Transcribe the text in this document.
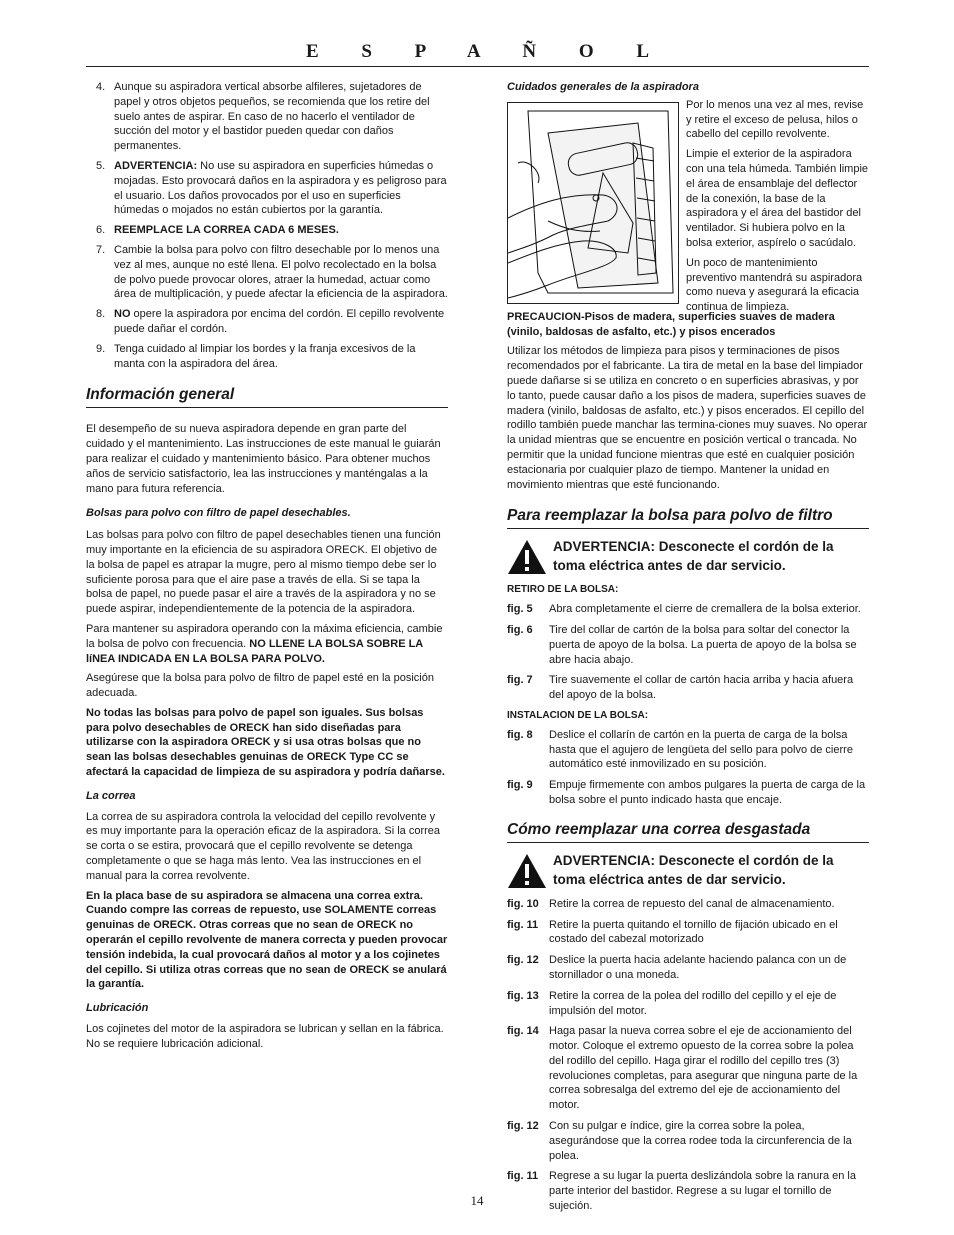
E S P A Ñ O L
4. Aunque su aspiradora vertical absorbe alfileres, sujetadores de papel y otros objetos pequeños, se recomienda que los retire del suelo antes de aspirar. En caso de no hacerlo el ventilador de succión del motor y el bastidor pueden quedar con daños permanentes.
5. ADVERTENCIA: No use su aspiradora en superficies húmedas o mojadas. Esto provocará daños en la aspiradora y es peligroso para el usuario. Los daños provocados por el uso en superficies húmedas o mojados no están cubiertos por la garantía.
6. REEMPLACE LA CORREA CADA 6 MESES.
7. Cambie la bolsa para polvo con filtro desechable por lo menos una vez al mes, aunque no esté llena. El polvo recolectado en la bolsa de polvo puede provocar olores, atraer la humedad, actuar como área de multiplicación, y puede afectar la eficiencia de la aspiradora.
8. NO opere la aspiradora por encima del cordón. El cepillo revolvente puede dañar el cordón.
9. Tenga cuidado al limpiar los bordes y la franja excesivos de la manta con la aspiradora del área.
Información general

El desempeño de su nueva aspiradora depende en gran parte del cuidado y el mantenimiento. Las instrucciones de este manual le guiarán para realizar el cuidado y mantenimiento básico. Para obtener muchos años de servicio satisfactorio, lea las instrucciones y manténgalas a la mano para futura referencia.

Bolsas para polvo con filtro de papel desechables.

Las bolsas para polvo con filtro de papel desechables tienen una función muy importante en la eficiencia de su aspiradora ORECK. El objetivo de la bolsa de papel es atrapar la mugre, pero al mismo tiempo debe ser lo suficiente porosa para que el aire pase a través de ella. Si se tapa la bolsa de papel, no puede pasar el aire a través de la aspiradora y no se puede aspirar, independientemente de la potencia de la aspiradora.

Para mantener su aspiradora operando con la máxima eficiencia, cambie la bolsa de polvo con frecuencia. NO LLENE LA BOLSA SOBRE LA líNEA INDICADA EN LA BOLSA PARA POLVO.

Asegúrese que la bolsa para polvo de filtro de papel esté en la posición adecuada.

No todas las bolsas para polvo de papel son iguales. Sus bolsas para polvo desechables de ORECK han sido diseñadas para utilizarse con la aspiradora ORECK y si usa otras bolsas que no sean las bolsas desechables genuinas de ORECK Type CC se afectará la capacidad de limpieza de su aspiradora y podría dañarse.

La correa

La correa de su aspiradora controla la velocidad del cepillo revolvente y es muy importante para la operación eficaz de la aspiradora. Si la correa se corta o se estira, provocará que el cepillo revolvente se detenga completamente o que se haga más lento. Vea las instrucciones en el manual para la correa revolvente.

En la placa base de su aspiradora se almacena una correa extra. Cuando compre las correas de repuesto, use SOLAMENTE correas genuinas de ORECK. Otras correas que no sean de ORECK no operarán el cepillo revolvente de manera correcta y pueden provocar tensión indebida, la cual provocará daños al motor y a los cojinetes del cepillo. Si utiliza otras correas que no sean de ORECK se anulará la garantía.

Lubricación

Los cojinetes del motor de la aspiradora se lubrican y sellan en la fábrica. No se requiere lubricación adicional.

Cuidados generales de la aspiradora

Por lo menos una vez al mes, revise y retire el exceso de pelusa, hilos o cabello del cepillo revolvente.

Limpie el exterior de la aspiradora con una tela húmeda. También limpie el área de ensamblaje del deflector de la conexión, la base de la aspiradora y el área del bastidor del ventilador. Si hubiera polvo en la bolsa exterior, aspírelo o sacúdalo.

Un poco de mantenimiento preventivo mantendrá su aspiradora como nueva y asegurará la eficacia continua de limpieza.

PRECAUCION-Pisos de madera, superficies suaves de madera (vinilo, baldosas de asfalto, etc.) y pisos encerados

Utilizar los métodos de limpieza para pisos y terminaciones de pisos recomendados por el fabricante. La tira de metal en la base del limpiador puede dañarse si se utiliza en concreto o en superficies abrasivas, y por lo tanto, puede causar daño a los pisos de madera, superficies suaves de madera (vinilo, baldosas de asfalto, etc.) y pisos encerados. El cepillo del rodillo también puede manchar las termina-ciones muy suaves. No operar la unidad mientras que se encuentre en posición vertical o trancada. No permitir que la unidad funcione mientras que esté en cualquier posición estacionaria por cualquier plazo de tiempo. Mantener la unidad en movimiento mientras que esté funcionando.

Para reemplazar la bolsa para polvo de filtro
ADVERTENCIA: Desconecte el cordón de la toma eléctrica antes de dar servicio.
RETIRO DE LA BOLSA:
fig. 5	Abra completamente el cierre de cremallera de la bolsa exterior.
fig. 6	Tire del collar de cartón de la bolsa para soltar del conector la puerta de apoyo de la bolsa. La puerta de apoyo de la bolsa se abre hacia abajo.
fig. 7	Tire suavemente el collar de cartón hacia arriba y hacia afuera del apoyo de la bolsa.
INSTALACION DE LA BOLSA:
fig. 8	Deslice el collarín de cartón en la puerta de carga de la bolsa hasta que el agujero de lengüeta del sello para polvo de cierre automático esté inmovilizado en su posición.
fig. 9	Empuje firmemente con ambos pulgares la puerta de carga de la bolsa sobre el punto indicado hasta que encaje.
Cómo reemplazar una correa desgastada
ADVERTENCIA: Desconecte el cordón de la toma eléctrica antes de dar servicio.
fig. 10 Retire la correa de repuesto del canal de almacenamiento.
fig. 11 Retire la puerta quitando el tornillo de fijación ubicado en el costado del cabezal motorizado
fig. 12 Deslice la puerta hacia adelante haciendo palanca con un de stornillador o una moneda.
fig. 13 Retire la correa de la polea del rodillo del cepillo y el eje de impulsión del motor.
fig. 14 Haga pasar la nueva correa sobre el eje de accionamiento del motor. Coloque el extremo opuesto de la correa sobre la polea del rodillo del cepillo. Haga girar el rodillo del cepillo tres (3) revoluciones completas, para asegurar que ninguna parte de la correa sobresalga del extremo del eje de accionamiento del motor.
fig. 12 Con su pulgar e índice, gire la correa sobre la polea, asegurándose que la correa rodee toda la circunferencia de la polea.
fig. 11 Regrese a su lugar la puerta deslizándola sobre la ranura en la parte interior del bastidor. Regrese a su lugar el tornillo de sujeción.
14
